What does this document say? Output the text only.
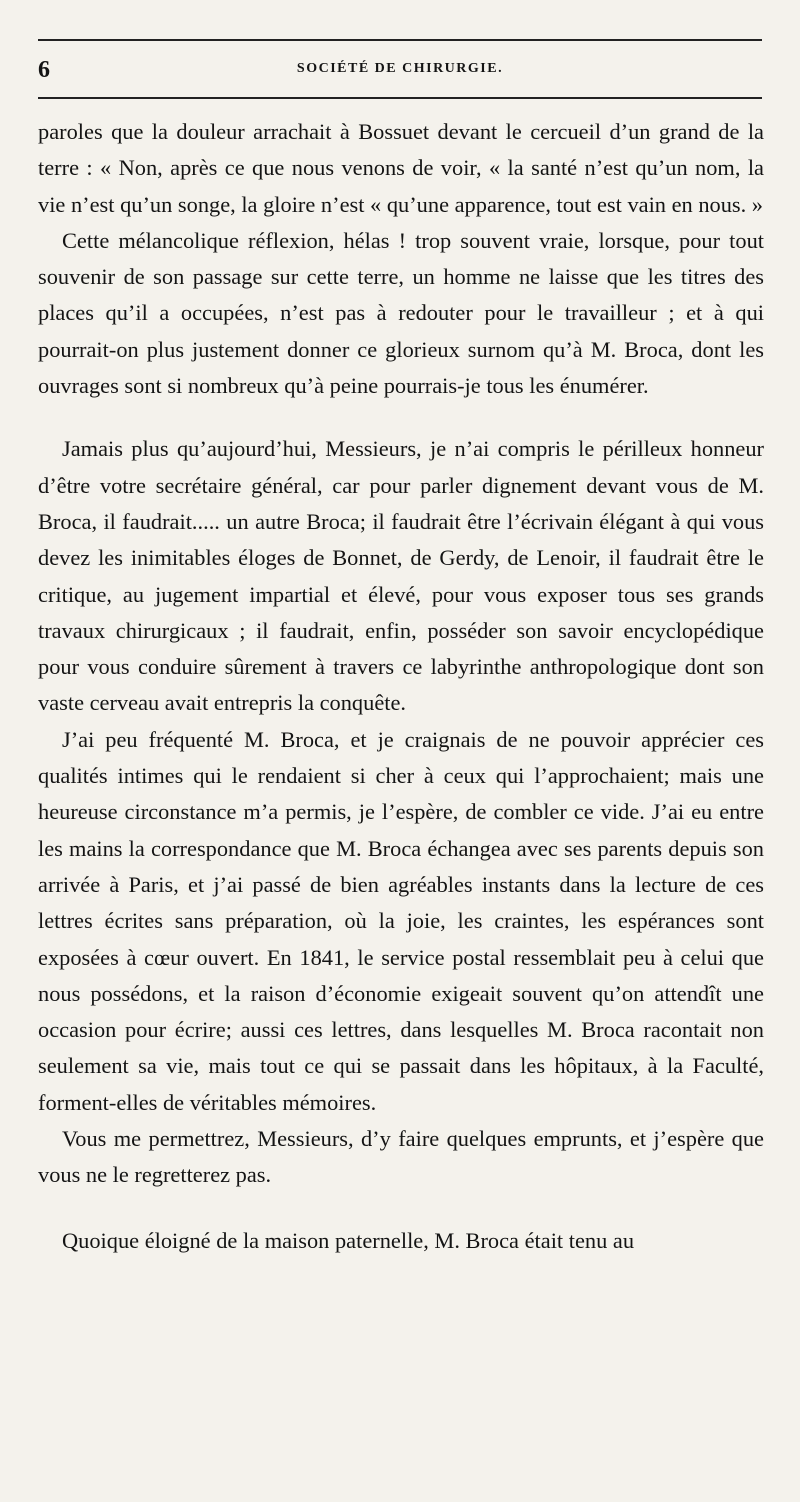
6	SOCIÉTÉ DE CHIRURGIE.

paroles que la douleur arrachait à Bossuet devant le cercueil d’un grand de la terre : « Non, après ce que nous venons de voir, « la santé n’est qu’un nom, la vie n’est qu’un songe, la gloire n’est « qu’une apparence, tout est vain en nous. »

Cette mélancolique réflexion, hélas ! trop souvent vraie, lorsque, pour tout souvenir de son passage sur cette terre, un homme ne laisse que les titres des places qu’il a occupées, n’est pas à redouter pour le travailleur ; et à qui pourrait-on plus justement donner ce glorieux surnom qu’à M. Broca, dont les ouvrages sont si nombreux qu’à peine pourrais-je tous les énumérer.

Jamais plus qu’aujourd’hui, Messieurs, je n’ai compris le périlleux honneur d’être votre secrétaire général, car pour parler dignement devant vous de M. Broca, il faudrait..... un autre Broca; il faudrait être l’écrivain élégant à qui vous devez les inimitables éloges de Bonnet, de Gerdy, de Lenoir, il faudrait être le critique, au jugement impartial et élevé, pour vous exposer tous ses grands travaux chirurgicaux ; il faudrait, enfin, posséder son savoir encyclopédique pour vous conduire sûrement à travers ce labyrinthe anthropologique dont son vaste cerveau avait entrepris la conquête.

J’ai peu fréquenté M. Broca, et je craignais de ne pouvoir apprécier ces qualités intimes qui le rendaient si cher à ceux qui l’approchaient; mais une heureuse circonstance m’a permis, je l’espère, de combler ce vide. J’ai eu entre les mains la correspondance que M. Broca échangea avec ses parents depuis son arrivée à Paris, et j’ai passé de bien agréables instants dans la lecture de ces lettres écrites sans préparation, où la joie, les craintes, les espérances sont exposées à cœur ouvert. En 1841, le service postal ressemblait peu à celui que nous possédons, et la raison d’économie exigeait souvent qu’on attendît une occasion pour écrire; aussi ces lettres, dans lesquelles M. Broca racontait non seulement sa vie, mais tout ce qui se passait dans les hôpitaux, à la Faculté, forment-elles de véritables mémoires.

Vous me permettrez, Messieurs, d’y faire quelques emprunts, et j’espère que vous ne le regretterez pas.

Quoique éloigné de la maison paternelle, M. Broca était tenu au
